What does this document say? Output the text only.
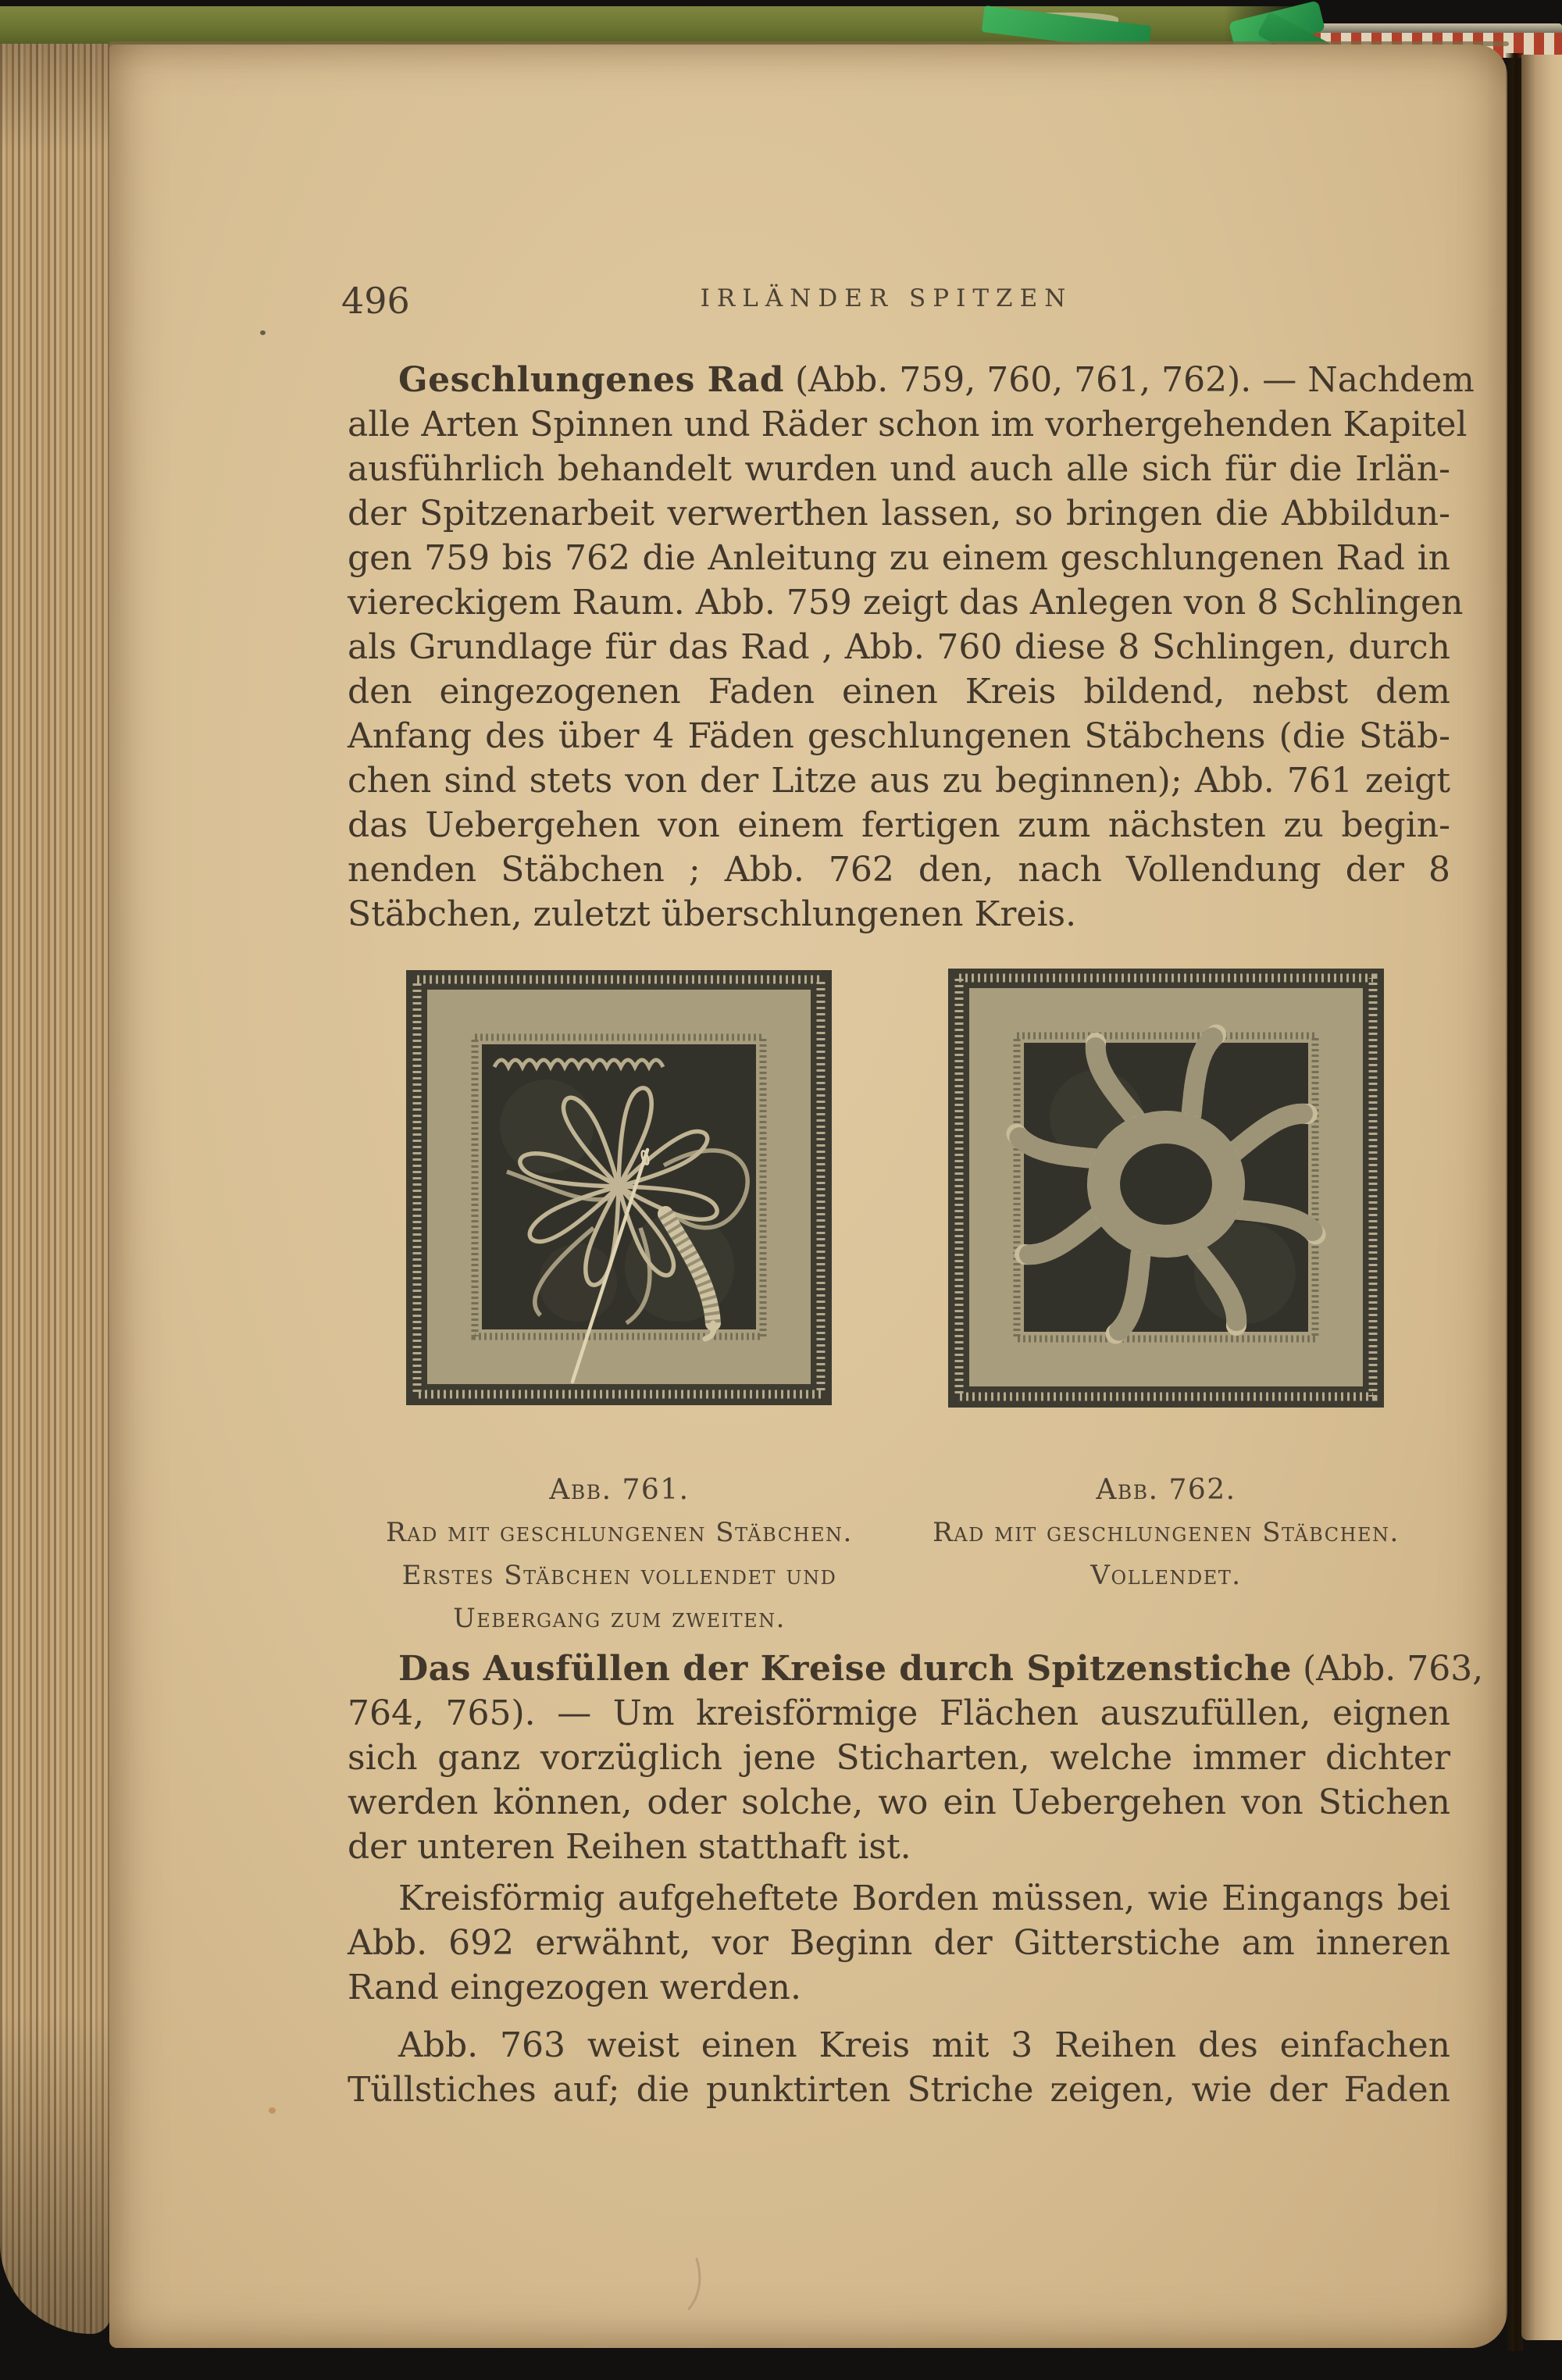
496	IRLÄNDER SPITZEN
Geschlungenes Rad (Abb. 759, 760, 761, 762). — Nachdem
alle Arten Spinnen und Räder schon im vorhergehenden Kapitel
ausführlich behandelt wurden und auch alle sich für die Irlän-
der Spitzenarbeit verwerthen lassen, so bringen die Abbildun-
gen 759 bis 762 die Anleitung zu einem geschlungenen Rad in
viereckigem Raum. Abb. 759 zeigt das Anlegen von 8 Schlingen
als Grundlage für das Rad , Abb. 760 diese 8 Schlingen, durch
den eingezogenen Faden einen Kreis bildend, nebst dem
Anfang des über 4 Fäden geschlungenen Stäbchens (die Stäb-
chen sind stets von der Litze aus zu beginnen); Abb. 761 zeigt
das Uebergehen von einem fertigen zum nächsten zu begin-
nenden Stäbchen ; Abb. 762 den, nach Vollendung der 8
Stäbchen, zuletzt überschlungenen Kreis.
Abb. 761.
Rad mit geschlungenen Stäbchen.
Erstes Stäbchen vollendet und
Uebergang zum zweiten.
Abb. 762.
Rad mit geschlungenen Stäbchen.
Vollendet.
Das Ausfüllen der Kreise durch Spitzenstiche (Abb. 763,
764, 765). — Um kreisförmige Flächen auszufüllen, eignen
sich ganz vorzüglich jene Sticharten, welche immer dichter
werden können, oder solche, wo ein Uebergehen von Stichen
der unteren Reihen statthaft ist.
Kreisförmig aufgeheftete Borden müssen, wie Eingangs bei
Abb. 692 erwähnt, vor Beginn der Gitterstiche am inneren
Rand eingezogen werden.
Abb. 763 weist einen Kreis mit 3 Reihen des einfachen
Tüllstiches auf; die punktirten Striche zeigen, wie der Faden
